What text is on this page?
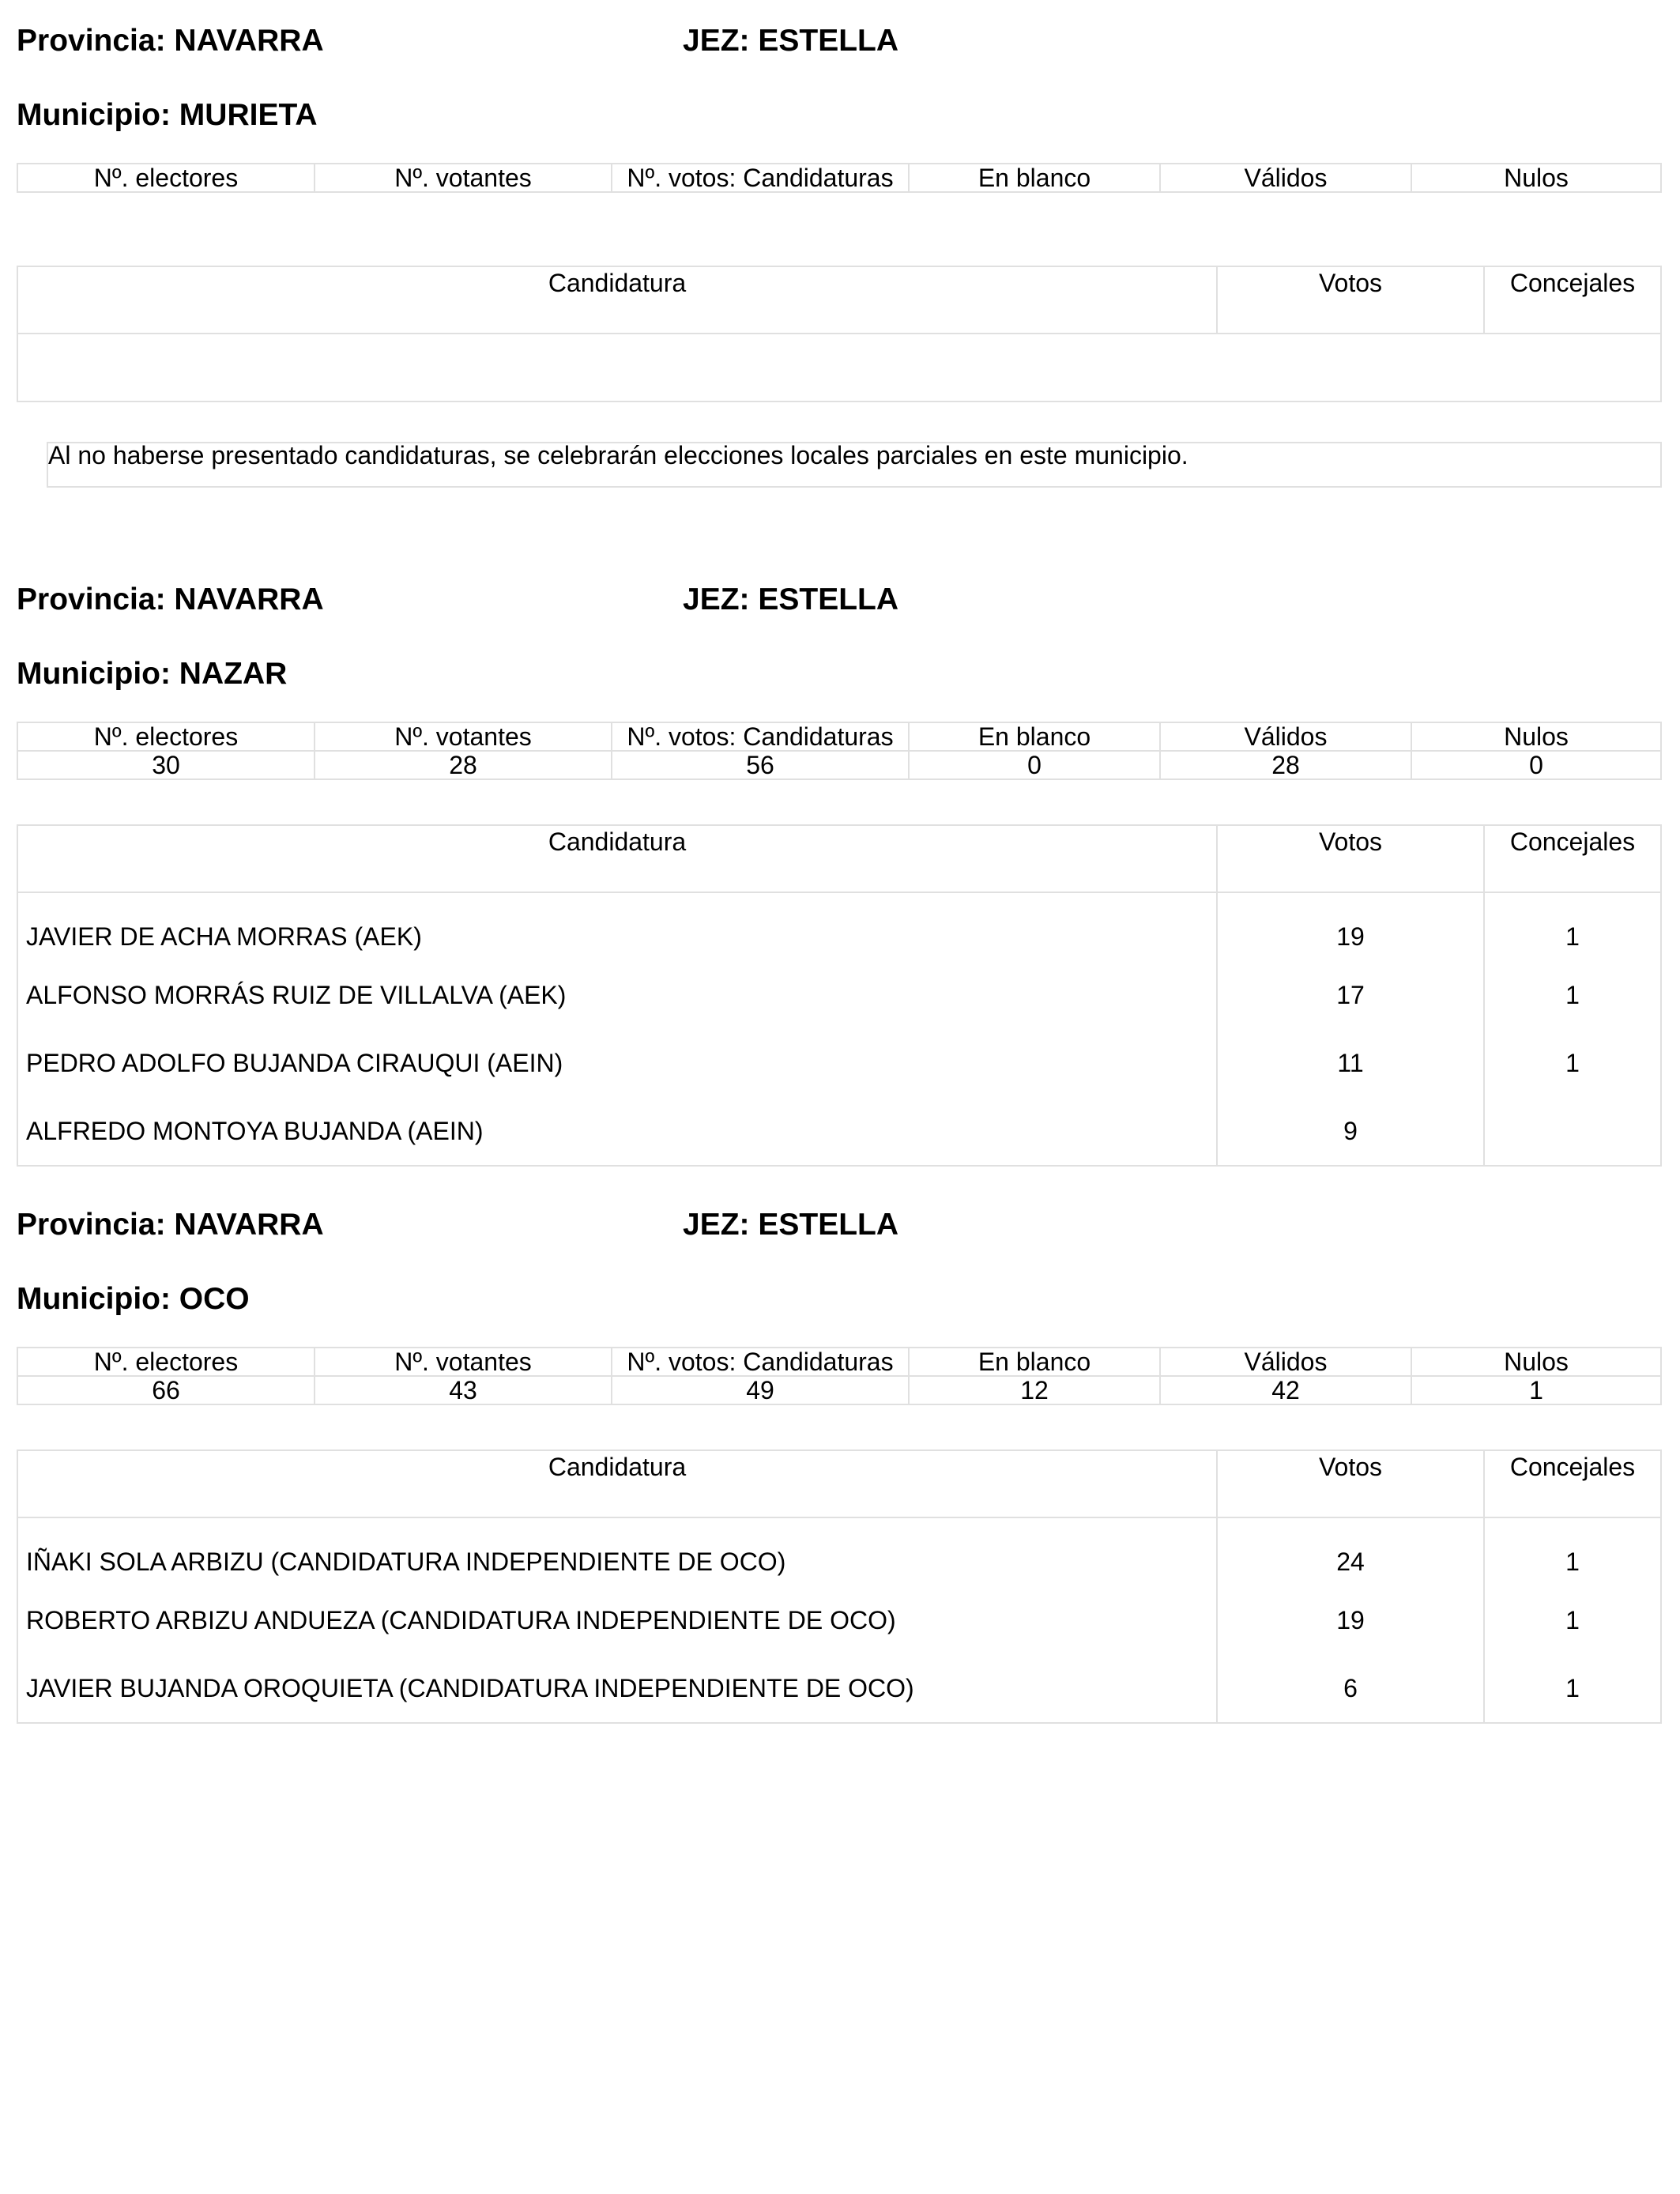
Provincia: NAVARRA	JEZ: ESTELLA
Municipio: MURIETA
Nº. electores	Nº. votantes	Nº. votos: Candidaturas	En blanco	Válidos	Nulos
Candidatura	Votos	Concejales

Al no haberse presentado candidaturas, se celebrarán elecciones locales parciales en este municipio.
Provincia: NAVARRA	JEZ: ESTELLA
Municipio: NAZAR
Nº. electores	Nº. votantes	Nº. votos: Candidaturas	En blanco	Válidos	Nulos
30	28	56	0	28	0
Candidatura	Votos	Concejales
JAVIER DE ACHA MORRAS (AEK)	19	1
ALFONSO MORRÁS RUIZ DE VILLALVA (AEK)	17	1
PEDRO ADOLFO BUJANDA CIRAUQUI (AEIN)	11	1
ALFREDO MONTOYA BUJANDA (AEIN)	9	
Provincia: NAVARRA	JEZ: ESTELLA
Municipio: OCO
Nº. electores	Nº. votantes	Nº. votos: Candidaturas	En blanco	Válidos	Nulos
66	43	49	12	42	1
Candidatura	Votos	Concejales
IÑAKI SOLA ARBIZU (CANDIDATURA INDEPENDIENTE DE OCO)	24	1
ROBERTO ARBIZU ANDUEZA (CANDIDATURA INDEPENDIENTE DE OCO)	19	1
JAVIER BUJANDA OROQUIETA (CANDIDATURA INDEPENDIENTE DE OCO)	6	1
